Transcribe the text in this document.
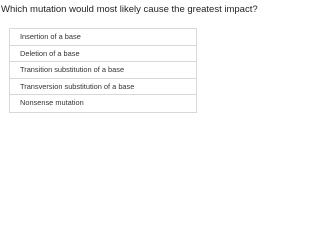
Which mutation would most likely cause the greatest impact?
Insertion of a base
Deletion of a base
Transition substitution of a base
Transversion substitution of a base
Nonsense mutation
